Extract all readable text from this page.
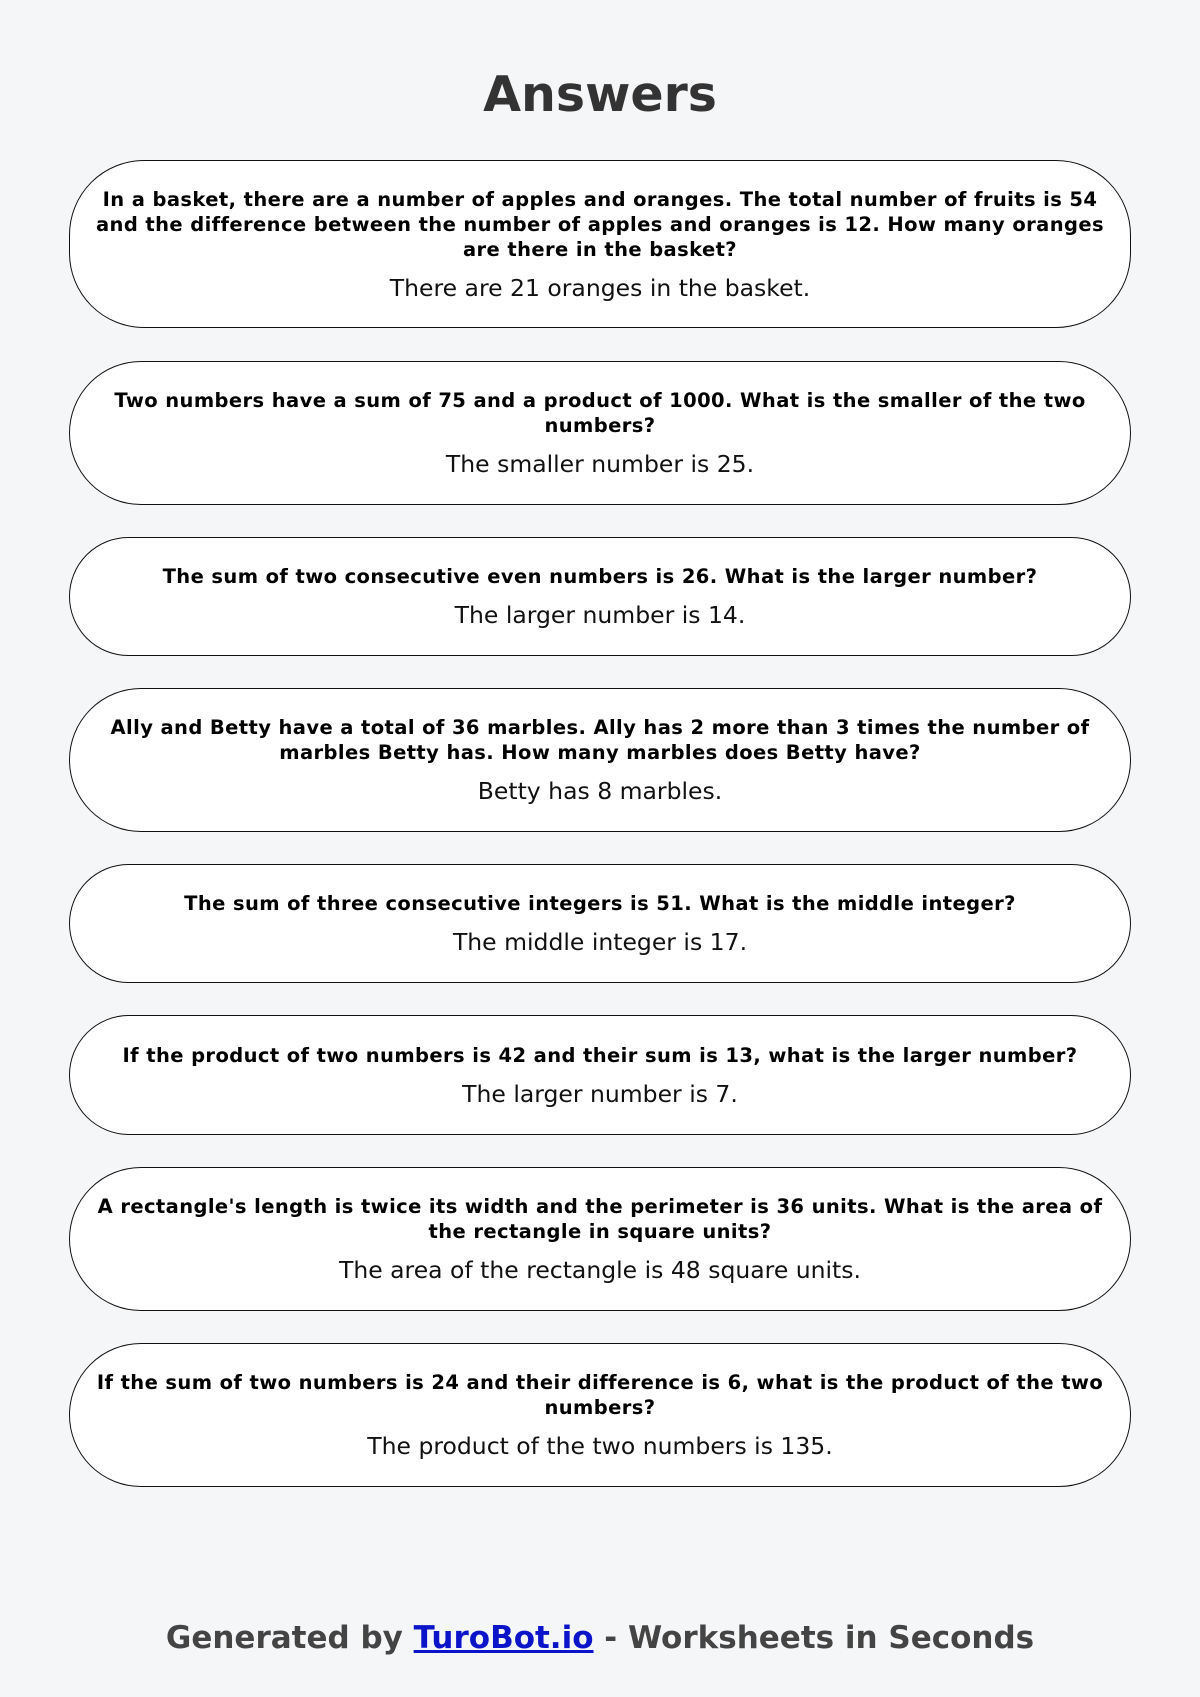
Answers
In a basket, there are a number of apples and oranges. The total number of fruits is 54 and the difference between the number of apples and oranges is 12. How many oranges are there in the basket?
There are 21 oranges in the basket.
Two numbers have a sum of 75 and a product of 1000. What is the smaller of the two numbers?
The smaller number is 25.
The sum of two consecutive even numbers is 26. What is the larger number?
The larger number is 14.
Ally and Betty have a total of 36 marbles. Ally has 2 more than 3 times the number of marbles Betty has. How many marbles does Betty have?
Betty has 8 marbles.
The sum of three consecutive integers is 51. What is the middle integer?
The middle integer is 17.
If the product of two numbers is 42 and their sum is 13, what is the larger number?
The larger number is 7.
A rectangle's length is twice its width and the perimeter is 36 units. What is the area of the rectangle in square units?
The area of the rectangle is 48 square units.
If the sum of two numbers is 24 and their difference is 6, what is the product of the two numbers?
The product of the two numbers is 135.
Generated by TuroBot.io - Worksheets in Seconds
